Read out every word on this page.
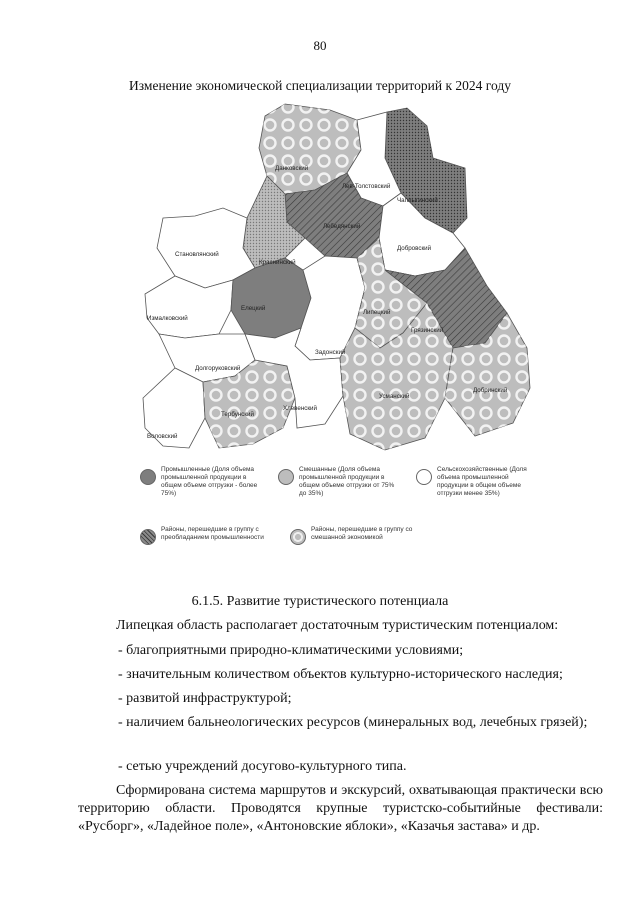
80
Изменение экономической специализации территорий к 2024 году
Данковский
Лев-Толстовский
Чаплыгинский
Лебедянский
Краснинский
Становлянский
Добровский
Измалковский
Елецкий
Задонский
Липецкий
Грязинский
Долгоруковский
Тербунский
Хлевенский
Усманский
Добринский
Воловский
Промышленные (Доля объема промышленной продукции в общем объеме отгрузки - более 75%)
Смешанные (Доля объема промышленной продукции в общем объеме отгрузки от 75% до 35%)
Сельскохозяйственные (Доля объема промышленной продукции в общем объеме отгрузки менее 35%)
Районы, перешедшие в группу с преобладанием промышленности
Районы, перешедшие в группу со смешанной экономикой
6.1.5. Развитие туристического потенциала
Липецкая область располагает достаточным туристическим потенциалом:
- благоприятными природно-климатическими условиями;
- значительным количеством объектов культурно-исторического наследия;
- развитой инфраструктурой;
- наличием бальнеологических ресурсов (минеральных вод, лечебных грязей);
- сетью учреждений досугово-культурного типа.
Сформирована система маршрутов и экскурсий, охватывающая практически всю территорию области. Проводятся крупные туристско-событийные фестивали: «Русборг», «Ладейное поле», «Антоновские яблоки», «Казачья застава» и др.
